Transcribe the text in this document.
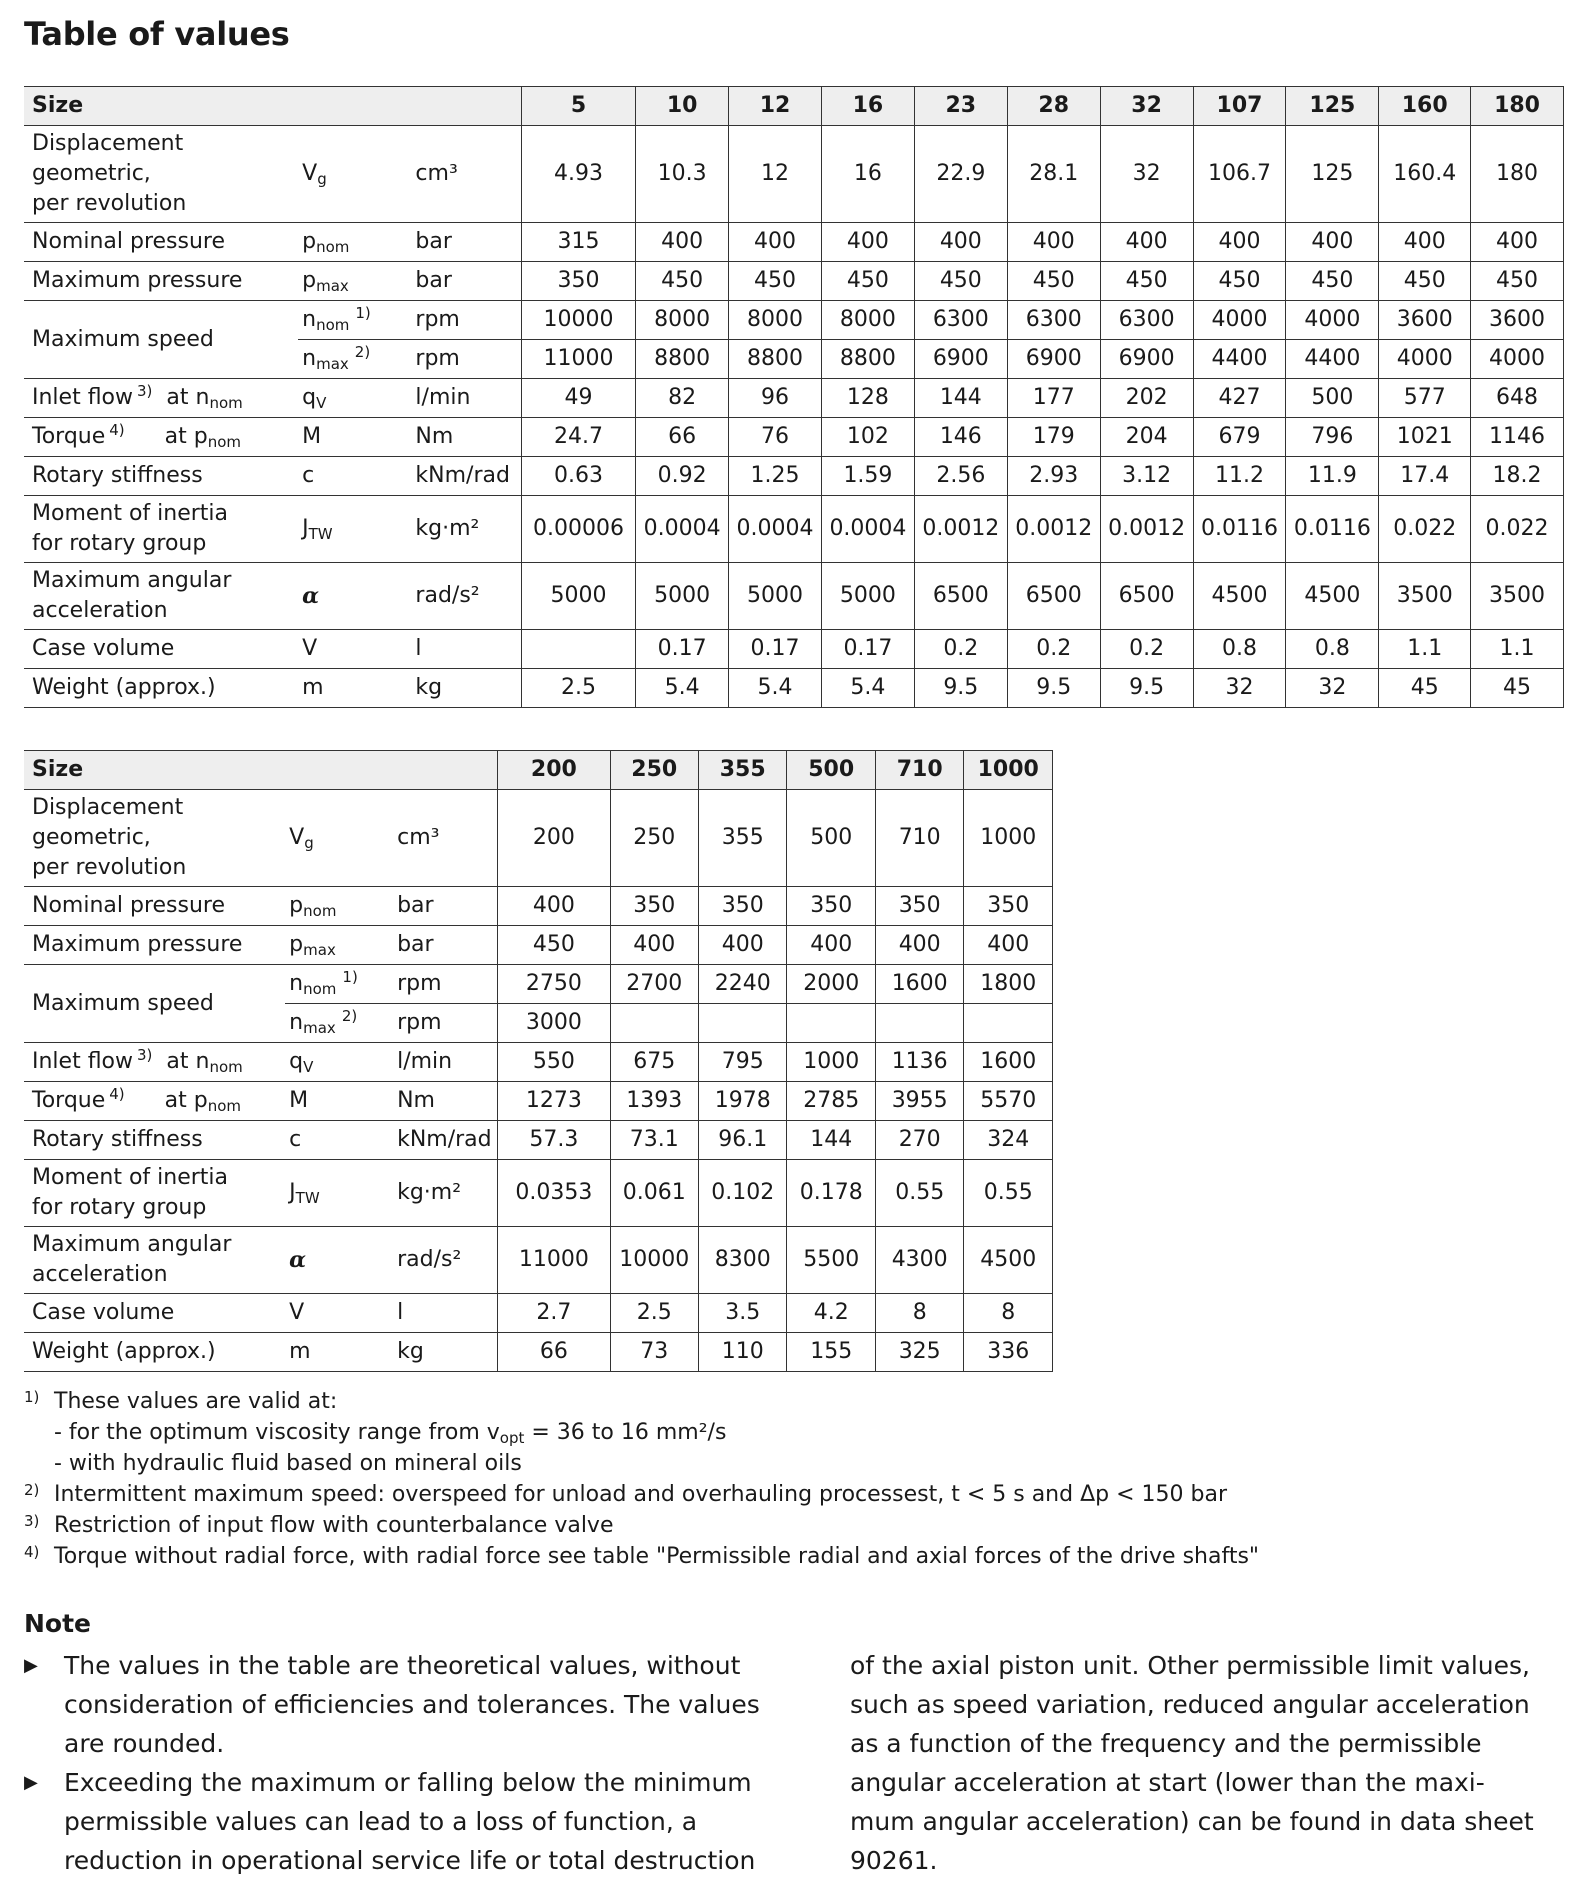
Table of values
Size			5	10	12	16	23	28	32	107	125	160	180
Displacement
geometric,
per revolution	$V_g$	cm³	4.93	10.3	12	16	22.9	28.1	32	106.7	125	160.4	180
Nominal pressure	$p_{nom}$	bar	315	400	400	400	400	400	400	400	400	400	400
Maximum pressure	$p_{max}$	bar	350	450	450	450	450	450	450	450	450	450	450
Maximum speed	$n_{nom}^{1)}$	rpm	10000	8000	8000	8000	6300	6300	6300	4000	4000	3600	3600
	$n_{max}^{2)}$	rpm	11000	8800	8800	8800	6900	6900	6900	4400	4400	4000	4000
Inlet flow $^{3)}$ at $n_{nom}$	$q_V$	l/min	49	82	96	128	144	177	202	427	500	577	648
Torque $^{4)}$ at $p_{nom}$	M	Nm	24.7	66	76	102	146	179	204	679	796	1021	1146
Rotary stiffness	c	kNm/rad	0.63	0.92	1.25	1.59	2.56	2.93	3.12	11.2	11.9	17.4	18.2
Moment of inertia
for rotary group	$J_{TW}$	kg·m²	0.00006	0.0004	0.0004	0.0004	0.0012	0.0012	0.0012	0.0116	0.0116	0.022	0.022
Maximum angular
acceleration	α	rad/s²	5000	5000	5000	5000	6500	6500	6500	4500	4500	3500	3500
Case volume	V	l		0.17	0.17	0.17	0.2	0.2	0.2	0.8	0.8	1.1	1.1
Weight (approx.)	m	kg	2.5	5.4	5.4	5.4	9.5	9.5	9.5	32	32	45	45
Size			200	250	355	500	710	1000
Displacement
geometric,
per revolution	$V_g$	cm³	200	250	355	500	710	1000
Nominal pressure	$p_{nom}$	bar	400	350	350	350	350	350
Maximum pressure	$p_{max}$	bar	450	400	400	400	400	400
Maximum speed	$n_{nom}^{1)}$	rpm	2750	2700	2240	2000	1600	1800
	$n_{max}^{2)}$	rpm	3000					
Inlet flow $^{3)}$ at $n_{nom}$	$q_V$	l/min	550	675	795	1000	1136	1600
Torque $^{4)}$ at $p_{nom}$	M	Nm	1273	1393	1978	2785	3955	5570
Rotary stiffness	c	kNm/rad	57.3	73.1	96.1	144	270	324
Moment of inertia
for rotary group	$J_{TW}$	kg·m²	0.0353	0.061	0.102	0.178	0.55	0.55
Maximum angular
acceleration	α	rad/s²	11000	10000	8300	5500	4300	4500
Case volume	V	l	2.7	2.5	3.5	4.2	8	8
Weight (approx.)	m	kg	66	73	110	155	325	336
1) These values are valid at:
- for the optimum viscosity range from $v_{opt} = 36$ to 16 mm²/s
- with hydraulic fluid based on mineral oils
2) Intermittent maximum speed: overspeed for unload and overhauling processest, t < 5 s and Δp < 150 bar
3) Restriction of input flow with counterbalance valve
4) Torque without radial force, with radial force see table "Permissible radial and axial forces of the drive shafts"
Note
▶	The values in the table are theoretical values, without
consideration of efficiencies and tolerances. The values
are rounded.
▶	Exceeding the maximum or falling below the minimum
permissible values can lead to a loss of function, a
reduction in operational service life or total destruction
of the axial piston unit. Other permissible limit values,
such as speed variation, reduced angular acceleration
as a function of the frequency and the permissible
angular acceleration at start (lower than the maxi-
mum angular acceleration) can be found in data sheet
90261.
